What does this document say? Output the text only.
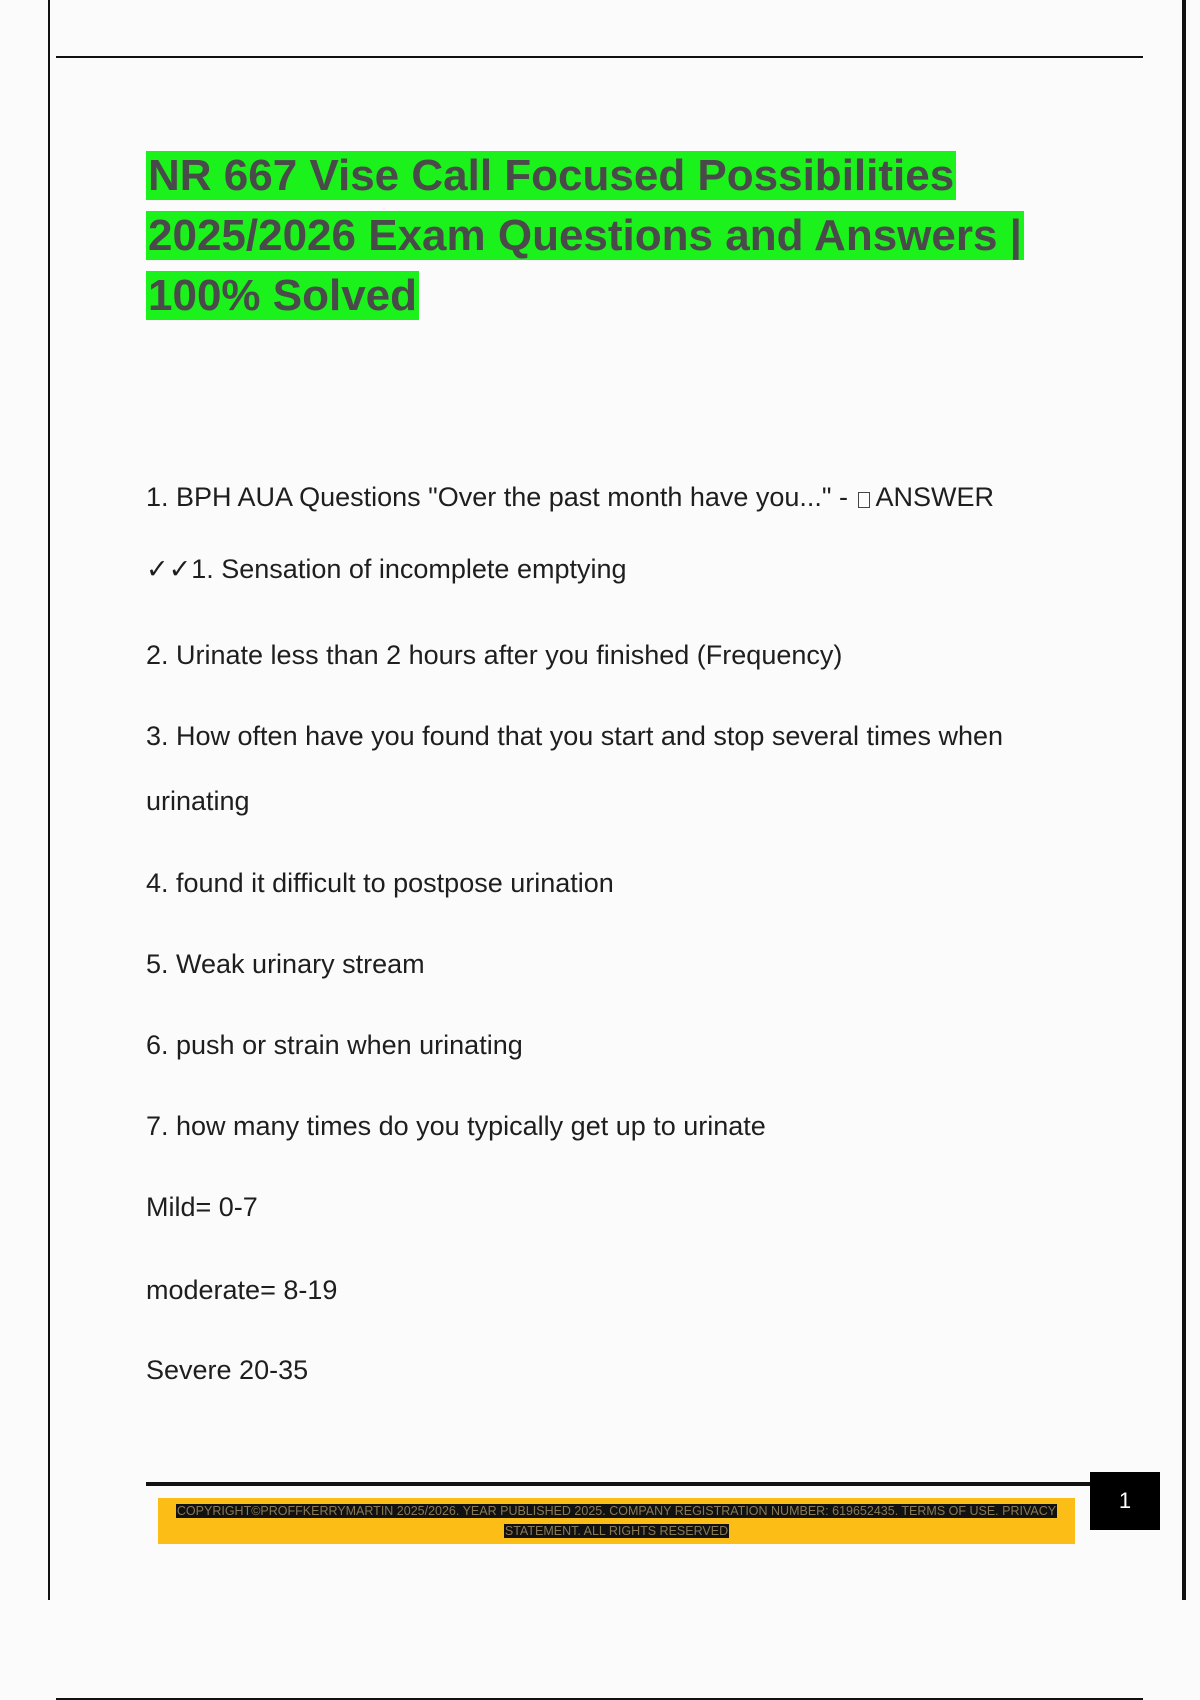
NR 667 Vise Call Focused Possibilities 2025/2026 Exam Questions and Answers | 100% Solved

1. BPH AUA Questions "Over the past month have you..." - ANSWER

✓✓1. Sensation of incomplete emptying

2. Urinate less than 2 hours after you finished (Frequency)

3. How often have you found that you start and stop several times when

urinating

4. found it difficult to postpose urination

5. Weak urinary stream

6. push or strain when urinating

7. how many times do you typically get up to urinate

Mild= 0-7

moderate= 8-19

Severe 20-35

1
COPYRIGHT©PROFFKERRYMARTIN 2025/2026. YEAR PUBLISHED 2025. COMPANY REGISTRATION NUMBER: 619652435. TERMS OF USE. PRIVACY STATEMENT. ALL RIGHTS RESERVED
